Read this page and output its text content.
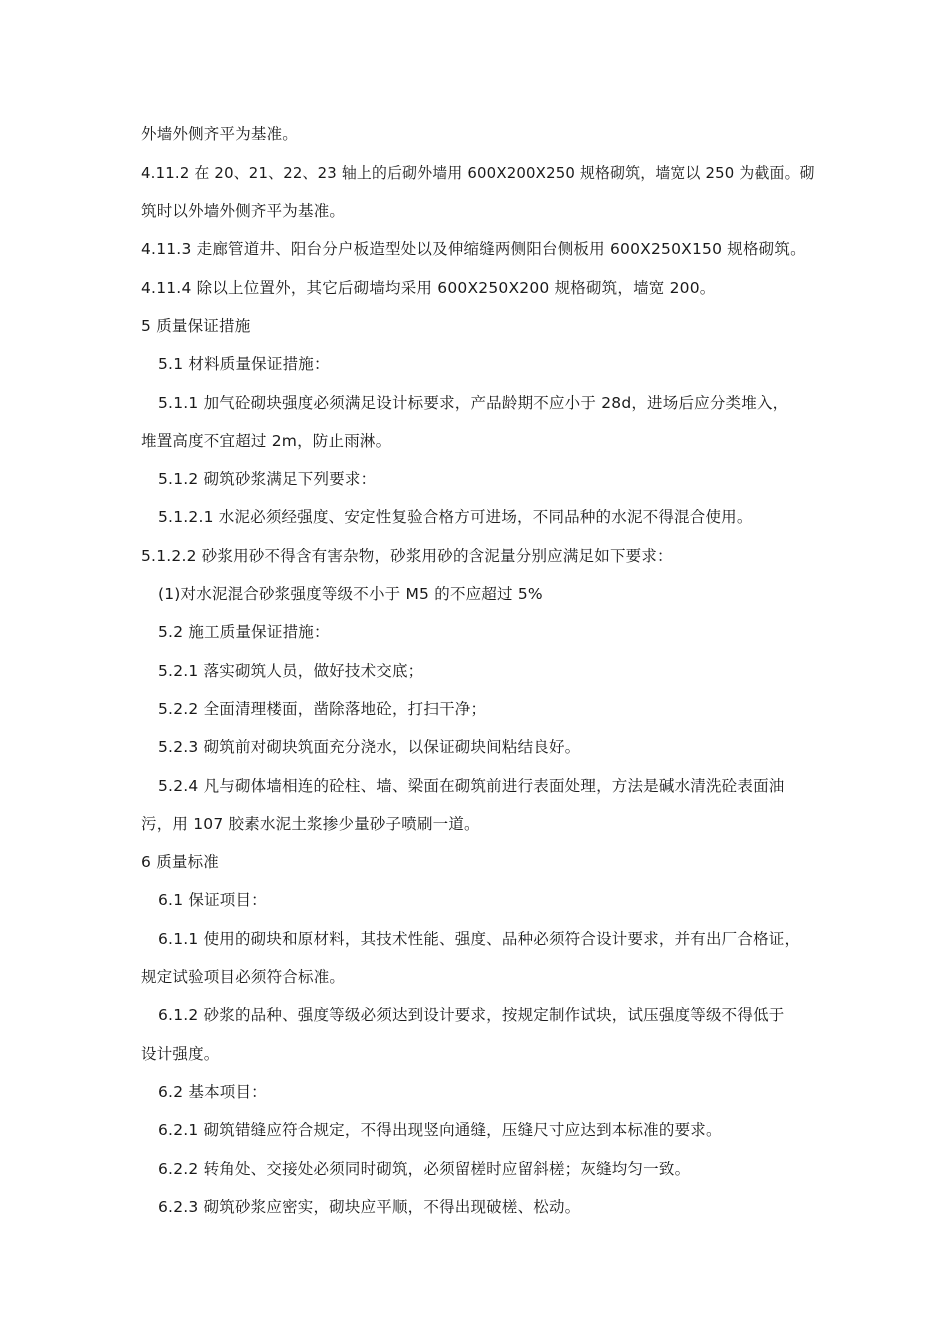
外墙外侧齐平为基准。
4.11.2 在 20、21、22、23 轴上的后砌外墙用 600X200X250 规格砌筑，墙宽以 250 为截面。砌
筑时以外墙外侧齐平为基准。
4.11.3 走廊管道井、阳台分户板造型处以及伸缩缝两侧阳台侧板用 600X250X150 规格砌筑。
4.11.4 除以上位置外，其它后砌墙均采用 600X250X200 规格砌筑，墙宽 200。
5 质量保证措施
5.1 材料质量保证措施：
5.1.1 加气砼砌块强度必须满足设计标要求，产品龄期不应小于 28d，进场后应分类堆入，
堆置高度不宜超过 2m，防止雨淋。
5.1.2 砌筑砂浆满足下列要求：
5.1.2.1 水泥必须经强度、安定性复验合格方可进场，不同品种的水泥不得混合使用。
5.1.2.2 砂浆用砂不得含有害杂物，砂浆用砂的含泥量分别应满足如下要求：
(1)对水泥混合砂浆强度等级不小于 M5 的不应超过 5%
5.2 施工质量保证措施：
5.2.1 落实砌筑人员，做好技术交底；
5.2.2 全面清理楼面，凿除落地砼，打扫干净；
5.2.3 砌筑前对砌块筑面充分浇水，以保证砌块间粘结良好。
5.2.4 凡与砌体墙相连的砼柱、墙、梁面在砌筑前进行表面处理，方法是碱水清洗砼表面油
污，用 107 胶素水泥土浆掺少量砂子喷刷一道。
6 质量标准
6.1 保证项目：
6.1.1 使用的砌块和原材料，其技术性能、强度、品种必须符合设计要求，并有出厂合格证，
规定试验项目必须符合标准。
6.1.2 砂浆的品种、强度等级必须达到设计要求，按规定制作试块，试压强度等级不得低于
设计强度。
6.2 基本项目：
6.2.1 砌筑错缝应符合规定，不得出现竖向通缝，压缝尺寸应达到本标准的要求。
6.2.2 转角处、交接处必须同时砌筑，必须留槎时应留斜槎；灰缝均匀一致。
6.2.3 砌筑砂浆应密实，砌块应平顺，不得出现破槎、松动。
